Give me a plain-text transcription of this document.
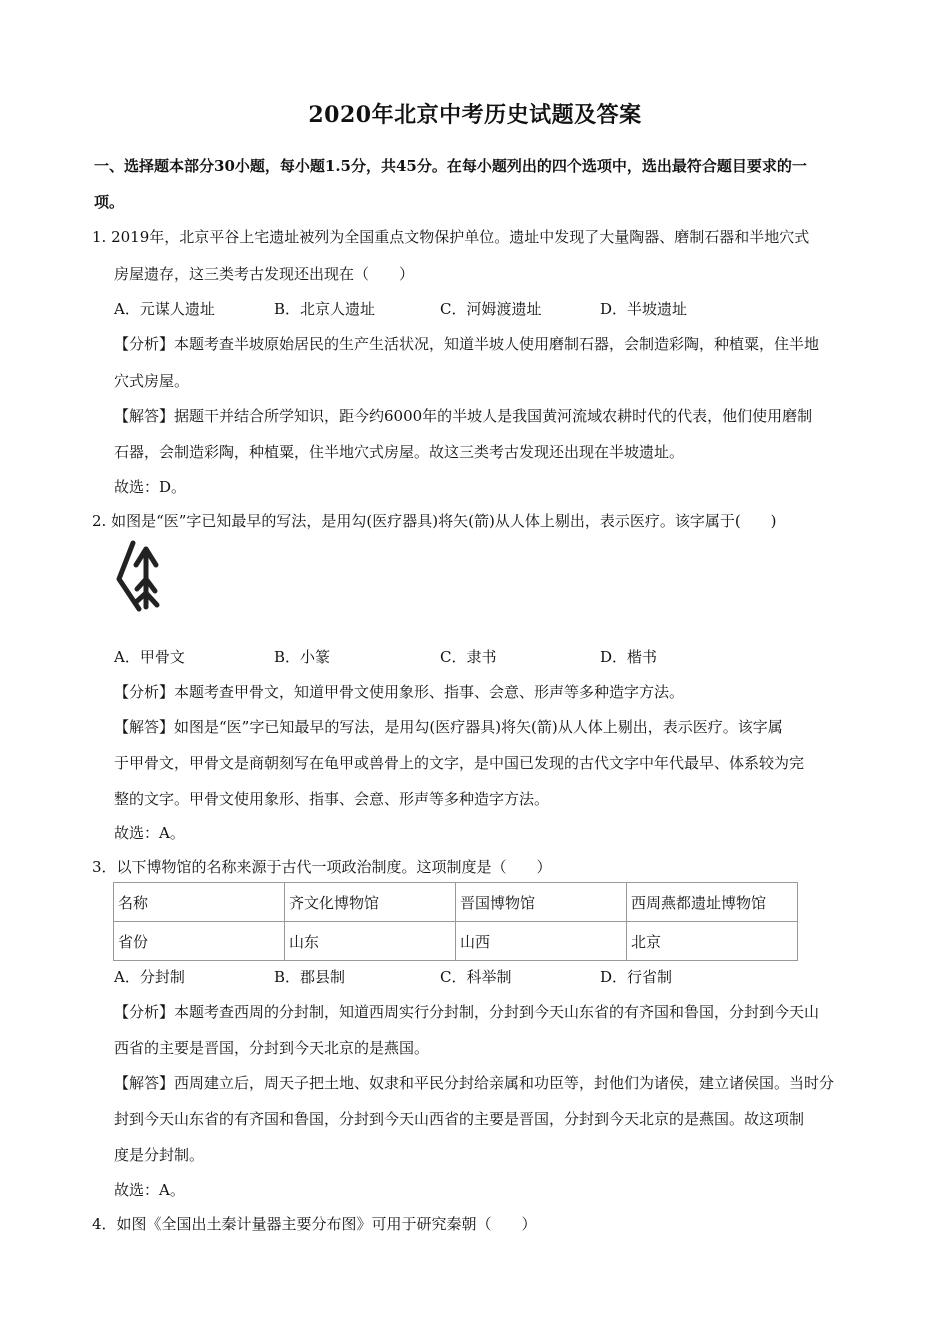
2020年北京中考历史试题及答案
一、选择题本部分30小题，每小题1.5分，共45分。在每小题列出的四个选项中，选出最符合题目要求的一
项。
1. 2019年，北京平谷上宅遗址被列为全国重点文物保护单位。遗址中发现了大量陶器、磨制石器和半地穴式
房屋遗存，这三类考古发现还出现在（　　）
A．元谋人遗址	B．北京人遗址	C．河姆渡遗址	D．半坡遗址
【分析】本题考查半坡原始居民的生产生活状况，知道半坡人使用磨制石器，会制造彩陶，种植粟，住半地
穴式房屋。
【解答】据题干并结合所学知识，距今约6000年的半坡人是我国黄河流域农耕时代的代表，他们使用磨制
石器，会制造彩陶，种植粟，住半地穴式房屋。故这三类考古发现还出现在半坡遗址。
故选：D。
2. 如图是“医”字已知最早的写法，是用勾(医疗器具)将矢(箭)从人体上剔出，表示医疗。该字属于(　　)
A．甲骨文	B．小篆	C．隶书	D．楷书
【分析】本题考查甲骨文，知道甲骨文使用象形、指事、会意、形声等多种造字方法。
【解答】如图是“医”字已知最早的写法，是用勾(医疗器具)将矢(箭)从人体上剔出，表示医疗。该字属
于甲骨文，甲骨文是商朝刻写在龟甲或兽骨上的文字，是中国已发现的古代文字中年代最早、体系较为完
整的文字。甲骨文使用象形、指事、会意、形声等多种造字方法。
故选：A。
3．以下博物馆的名称来源于古代一项政治制度。这项制度是（　　）
名称	齐文化博物馆	晋国博物馆	西周燕都遗址博物馆
省份	山东	山西	北京
A．分封制	B．郡县制	C．科举制	D．行省制
【分析】本题考查西周的分封制，知道西周实行分封制，分封到今天山东省的有齐国和鲁国，分封到今天山
西省的主要是晋国，分封到今天北京的是燕国。
【解答】西周建立后，周天子把土地、奴隶和平民分封给亲属和功臣等，封他们为诸侯，建立诸侯国。当时分
封到今天山东省的有齐国和鲁国，分封到今天山西省的主要是晋国，分封到今天北京的是燕国。故这项制
度是分封制。
故选：A。
4．如图《全国出土秦计量器主要分布图》可用于研究秦朝（　　）
